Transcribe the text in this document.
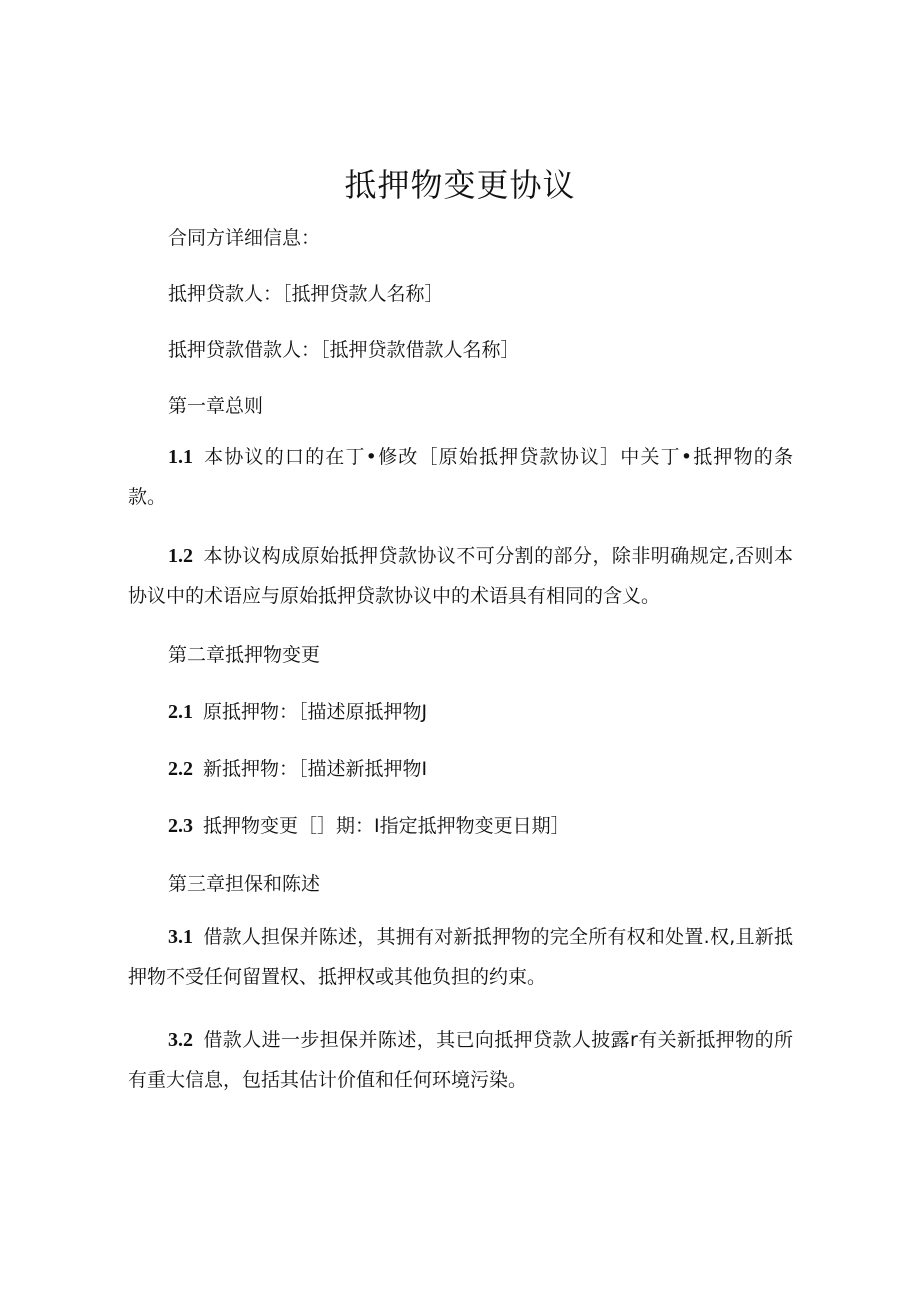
抵押物变更协议

合同方详细信息：

抵押贷款人：［抵押贷款人名称］

抵押贷款借款人：［抵押贷款借款人名称］

第一章总则

1.1 本协议的口的在丁•修改［原始抵押贷款协议］中关丁•抵押物的条款。

1.2 本协议构成原始抵押贷款协议不可分割的部分，除非明确规定,否则本协议中的术语应与原始抵押贷款协议中的术语具有相同的含义。

第二章抵押物变更

2.1 原抵押物：［描述原抵押物J

2.2 新抵押物：［描述新抵押物I

2.3 抵押物变更［］期：I指定抵押物变更日期］

第三章担保和陈述

3.1 借款人担保并陈述，其拥有对新抵押物的完全所有权和处置.权,且新抵押物不受任何留置权、抵押权或其他负担的约束。

3.2 借款人进一步担保并陈述，其已向抵押贷款人披露r有关新抵押物的所有重大信息，包括其估计价值和任何环境污染。
